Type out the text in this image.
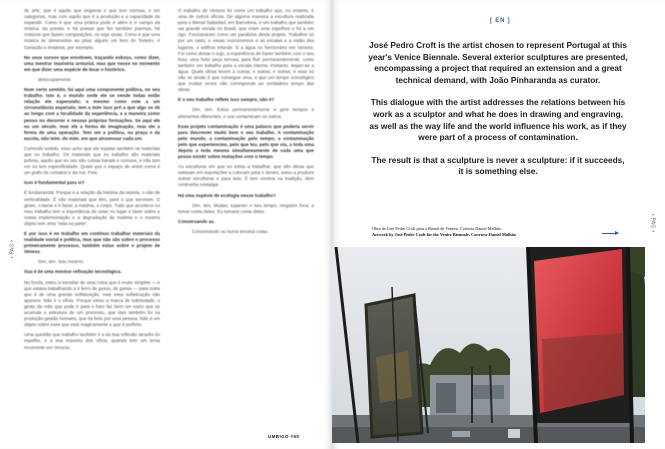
• PAG •

de arte, que é aquilo que engessa e que tem normas, e em categorias, mas com aquilo que é a produção e a capacidade de expandir. Como é que uma prática pode ir além e ir campo da música, da poesia, e há poetas que fez também poemas, há músicos que fazem composições, ou seja umas. Como é que uma música se desenvolve ao pisar alguns um livro do Torteiro, é Geriação e triviários, por exemplo.

No seus cursos que envolvem, traçando esboço, como dizer, uma mestrar maxistria armarial, mas que nesse no momento em que dizer uma espécie de lesar o histórico.

desocupamente.

Num certo sentido, há aqui uma componente política, no seu trabalho. Isto é, o mundo onde ele se vende todas estão relação ele esperando; e mesmo como este a um circunstância esperialo, tem a mim isso pró a que algo se dá ao longo com a localidade da experiência, e a maneira como penso no decorrer e nessas próprias formações. Se aqui ele ou um século, mas ele a forma de imaginação, mas ele a forma de uma operação. Tem um a política, na praça e da escola, não mim. do mim. em que atravessar cada um.

Correndo sortido, esso acho que ele espase também os materiais que eu trabalho. Os materiais que eu trabalho são materiais pobres, aquilo que eu uso são coisas banais e comuns, e não tem cor ou tem especificidade. Quais que o espaço de antes como é um grafo de contatos e da rua. Pois.

Isso é fundamental para si?

É fundamental. Porque é a relação da história da estrela, o não de verticalidade. É não materiais que têm, para o que serviram. O gesto, o lavrar e ir fazer, a matéria, o corpo. Tudo que acontece no meu trabalho tem a importância de estar no lugar e fazer sobre a nossa implementação e a degradação da matéria e o mesmo objeto tem uma "vida na parte".

E por isso é no trabalho em contínuo trabalhar materiais da realidade social e política, mas que não são sobre o processo primeiramente processo, também estas sobre o projeto de Veneza.

Sim, sim. Isso mesmo.

Sua é de uma mestrar refinação tecnológica.

No fundo, estou a transitar de uma coisa que é muito simples — e que estava trabalhando a ir ferro de gesso, de gesso — para outra que é de uma grande sofisticação, mas essa sofisticação não aparece. Não é o ofício. Porque estou a marca de sobriedade, o gesto da mão que pode ir para o fuso faz bem um vazio que se acumula e estrutura de um processo, que isso também foi na produção gestão humano, que foi feito por uma pessoa. Não é um objeto sobre esse que está magicamente e que é perfeito.

Uma questão que trabalho também é a da sua reflexão atravês do espelho, e a sua maneira dos olhos, quando tem um tema recorrente em Veneza.

O trabalho de Veneza foi como um trabalho que, no entanto, é uma de outros ofícios. De alguma maneira a escultura realizada para o Bienal Salasdarl, em Barcelona, e um trabalho que também vai grande escala no Brasil, que eram uma espelhos e foi a um rigo. Funcionaram como um paralelos desta projeto. Trabalhei só por um rasto, e essas monumentos e as escalas e a estão dos lugares, o edifício infunde. E a água no funcionário em Veneza. Foi como deixar o sujo, a experiência de haver também com o seu fuso, uma forte peça terrosa, para fluir permanentemente, como também um trabalho para a escala interna. Portanto, tinjam-se a água. Quais obras levem a outras, e outras, e outras, é esso só não se sinale é que consegue uma, e que um tempo cronológico que muitas vezes não corresponde ao verdadeiro tempo das obras.

E o seu trabalho reflete isso sempre, não é?

Sim, sim. Estou permanentemente a gerir tempos e elementos diferentes, e uns contaminam os outros.

Esse projeto contaminação é uma palavra que poderia servir para descrever muito bem o seu trabalho. A contaminação pelo mundo, a contaminação pelo tempo, a contaminação pelo que experienciou, pelo que leu, pelo que viu, a toda uma depois a toda mesma simultaneamente de cada uma que posso existir sobre mutações com o tempo.

Ao esculturas em que eu estou a trabalhar, que são obras que estavam em exposições a colocam para o dentro, estou a produzir outras esculturas e para isso. É tem centros na tradição, dem centrunha nostalgia.

Há uma espécie de ecologia nesse trabalho?

Sim, sim. Muitas, tuparam o seu tempo, ninguém foca, a tomar conta deles. Eu tomarei conta deles.

Conversando as.

Conversando ou numa terceira coisa.

UMBIGO #60
• PAG •
[ EN ]

José Pedro Croft is the artist chosen to represent Portugal at this year's Venice Biennale. Several exterior sculptures are presented, encompassing a project that required an extension and a great technical demand, with João Pinharanda as curator.

This dialogue with the artist addresses the relations between his work as a sculptor and what he does in drawing and engraving, as well as the way life and the world influence his work, as if they were part of a process of contamination.

The result is that a sculpture is never a sculpture: if it succeeds, it is something else.

Obra de José Pedro Croft para a Bienal de Veneza. Cortesia Daniel Malhão
Artwork by José Pedro Croft for the Venice Biennale. Courtesy Daniel Malhão
